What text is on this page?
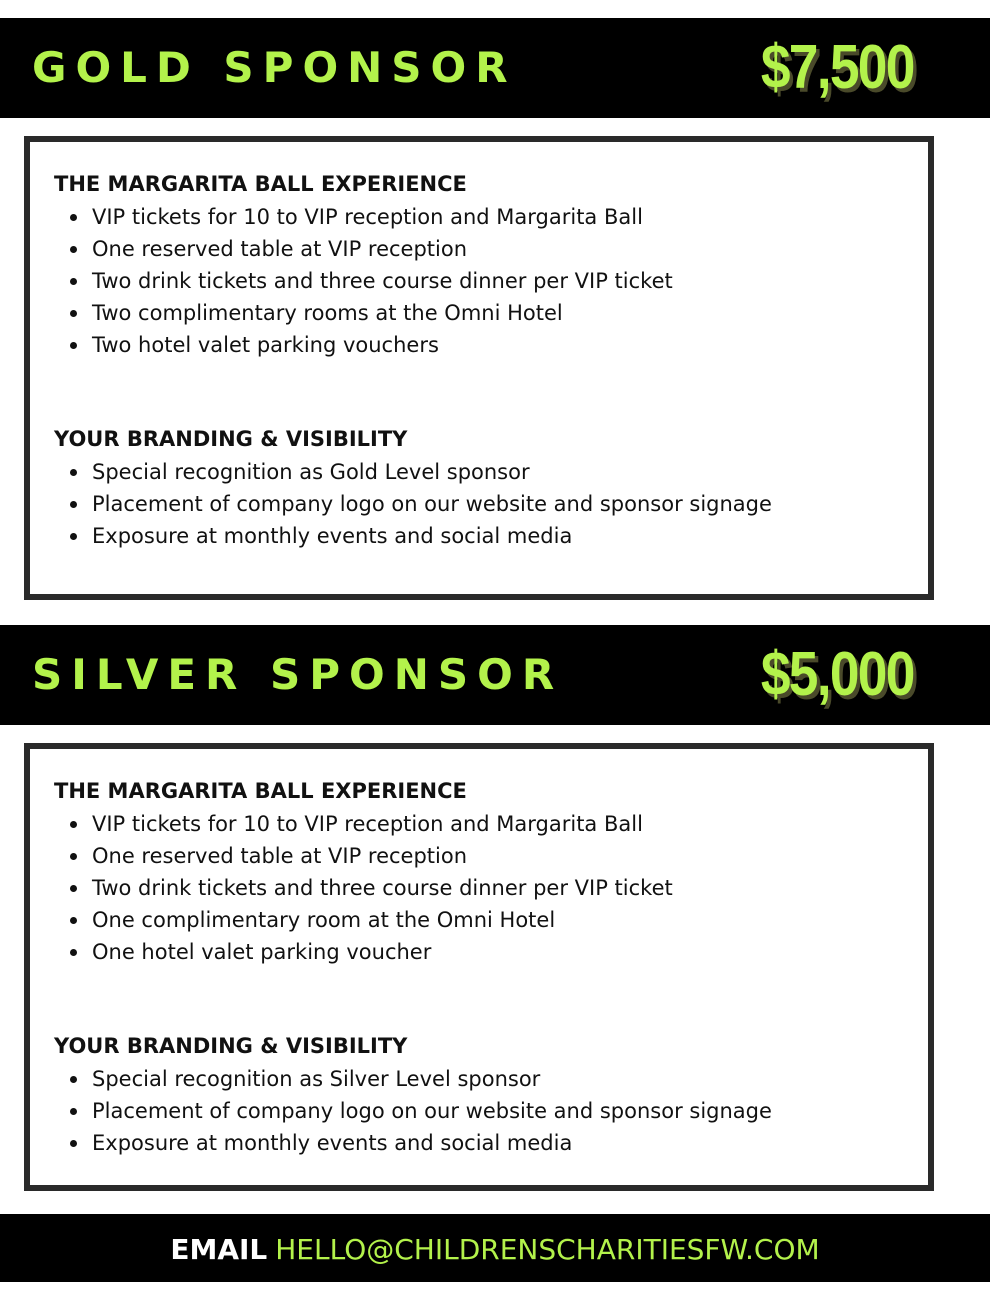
GOLD SPONSOR	$7,500
THE MARGARITA BALL EXPERIENCE
VIP tickets for 10 to VIP reception and Margarita Ball
One reserved table at VIP reception
Two drink tickets and three course dinner per VIP ticket
Two complimentary rooms at the Omni Hotel
Two hotel valet parking vouchers
YOUR BRANDING & VISIBILITY
Special recognition as Gold Level sponsor
Placement of company logo on our website and sponsor signage
Exposure at monthly events and social media
SILVER SPONSOR	$5,000
THE MARGARITA BALL EXPERIENCE
VIP tickets for 10 to VIP reception and Margarita Ball
One reserved table at VIP reception
Two drink tickets and three course dinner per VIP ticket
One complimentary room at the Omni Hotel
One hotel valet parking voucher
YOUR BRANDING & VISIBILITY
Special recognition as Silver Level sponsor
Placement of company logo on our website and sponsor signage
Exposure at monthly events and social media
EMAIL HELLO@CHILDRENSCHARITIESFW.COM
